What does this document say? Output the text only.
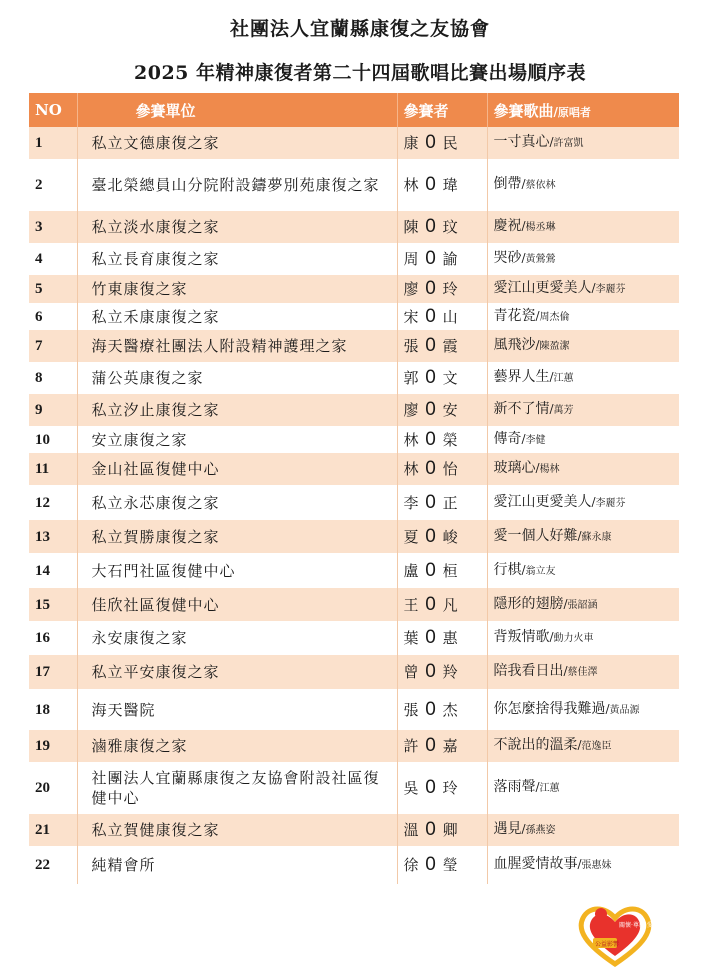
社團法人宜蘭縣康復之友協會
2025 年精神康復者第二十四屆歌唱比賽出場順序表
NO	參賽單位	參賽者	參賽歌曲/原唱者
1	私立文德康復之家	康 0 民	一寸真心/許富凱
2	臺北榮總員山分院附設鑄夢別苑康復之家	林 0 瑋	倒帶/蔡依林
3	私立淡水康復之家	陳 0 玟	慶祝/楊丞琳
4	私立長育康復之家	周 0 諭	哭砂/黃鶯鶯
5	竹東康復之家	廖 0 玲	愛江山更愛美人/李麗芬
6	私立禾康康復之家	宋 0 山	青花瓷/周杰倫
7	海天醫療社團法人附設精神護理之家	張 0 霞	風飛沙/陳盈潔
8	蒲公英康復之家	郭 0 文	藝界人生/江蕙
9	私立汐止康復之家	廖 0 安	新不了情/萬芳
10	安立康復之家	林 0 榮	傳奇/李健
11	金山社區復健中心	林 0 怡	玻璃心/楊林
12	私立永芯康復之家	李 0 正	愛江山更愛美人/李麗芬
13	私立賀勝康復之家	夏 0 峻	愛一個人好難/蘇永康
14	大石門社區復健中心	盧 0 桓	行棋/翁立友
15	佳欣社區復健中心	王 0 凡	隱形的翅膀/張韶涵
16	永安康復之家	葉 0 惠	背叛情歌/動力火車
17	私立平安康復之家	曾 0 羚	陪我看日出/蔡佳澤
18	海天醫院	張 0 杰	你怎麼捨得我難過/黃品源
19	滷雅康復之家	許 0 嘉	不說出的溫柔/范逸臣
20	社團法人宜蘭縣康復之友協會附設社區復健中心	吳 0 玲	落雨聲/江蕙
21	私立賀健康復之家	溫 0 卿	遇見/孫燕姿
22	純精會所	徐 0 瑩	血腥愛情故事/張惠妹
關懷·尊嚴·愛
公益影響
